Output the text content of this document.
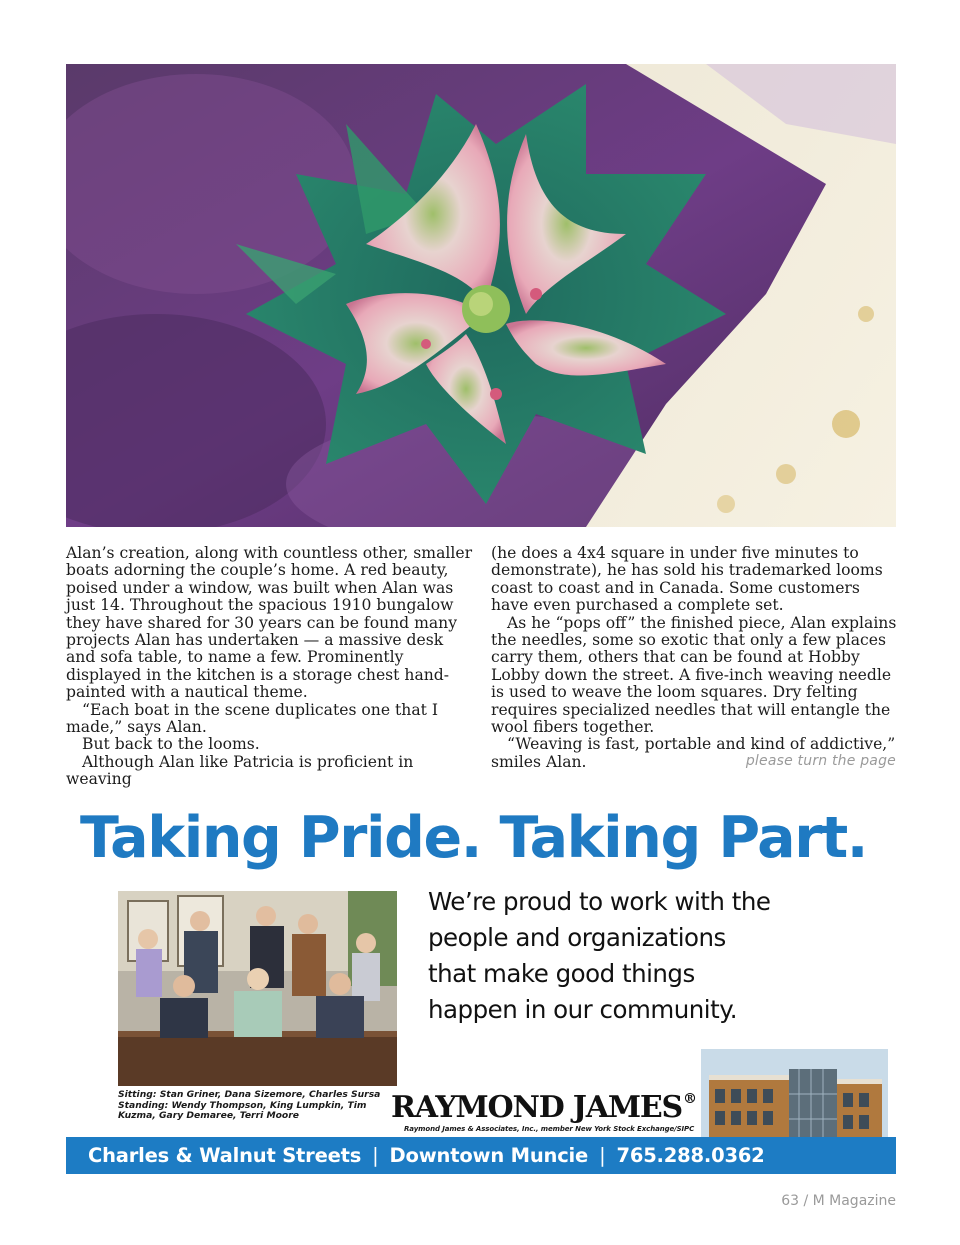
Alan’s creation, along with countless other, smaller boats adorning the couple’s home. A red beauty, poised under a window, was built when Alan was just 14. Throughout the spacious 1910 bungalow they have shared for 30 years can be found many projects Alan has undertaken — a massive desk and sofa table, to name a few. Prominently displayed in the kitchen is a storage chest hand-painted with a nautical theme.

“Each boat in the scene duplicates one that I made,” says Alan.

But back to the looms.

Although Alan like Patricia is proficient in weaving

(he does a 4x4 square in under five minutes to demonstrate), he has sold his trademarked looms coast to coast and in Canada. Some customers have even purchased a complete set.

As he “pops off” the finished piece, Alan explains the needles, some so exotic that only a few places carry them, others that can be found at Hobby Lobby down the street. A five-inch weaving needle is used to weave the loom squares. Dry felting requires specialized needles that will entangle the wool fibers together.

“Weaving is fast, portable and kind of addictive,” smiles Alan.	please turn the page
Taking Pride. Taking Part.
We’re proud to work with the
people and organizations
that make good things
happen in our community.
Sitting: Stan Griner, Dana Sizemore, Charles Sursa
Standing: Wendy Thompson, King Lumpkin, Tim
Kuzma, Gary Demaree, Terri Moore	RAYMOND JAMES®
Raymond James & Associates, Inc., member New York Stock Exchange/SIPC
Charles & Walnut Streets | Downtown Muncie | 765.288.0362
63 / M Magazine
